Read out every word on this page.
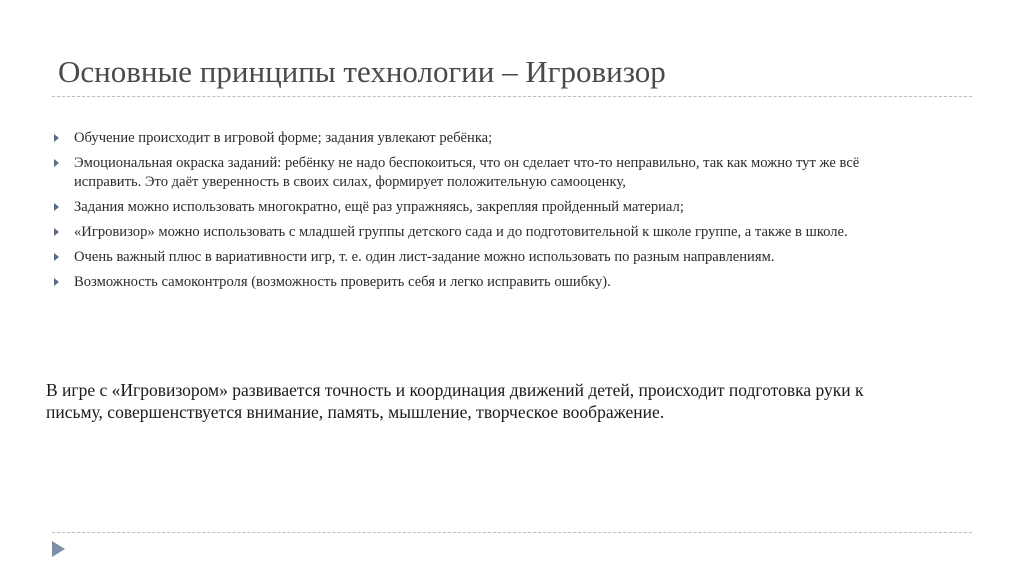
Основные принципы технологии – Игровизор
Обучение происходит в игровой форме; задания увлекают ребёнка;
Эмоциональная окраска заданий: ребёнку не надо беспокоиться, что он сделает что-то неправильно, так как можно тут же всё исправить. Это даёт уверенность в своих силах, формирует положительную самооценку,
Задания можно использовать многократно, ещё раз упражняясь, закрепляя пройденный материал;
«Игровизор» можно использовать с младшей группы детского сада и до подготовительной к школе группе, а также в школе.
Очень важный плюс в вариативности игр, т. е. один лист-задание можно использовать по разным направлениям.
Возможность самоконтроля (возможность проверить себя и легко исправить ошибку).
В игре с «Игровизором» развивается точность и координация движений детей, происходит подготовка руки к письму, совершенствуется внимание, память, мышление, творческое воображение.
